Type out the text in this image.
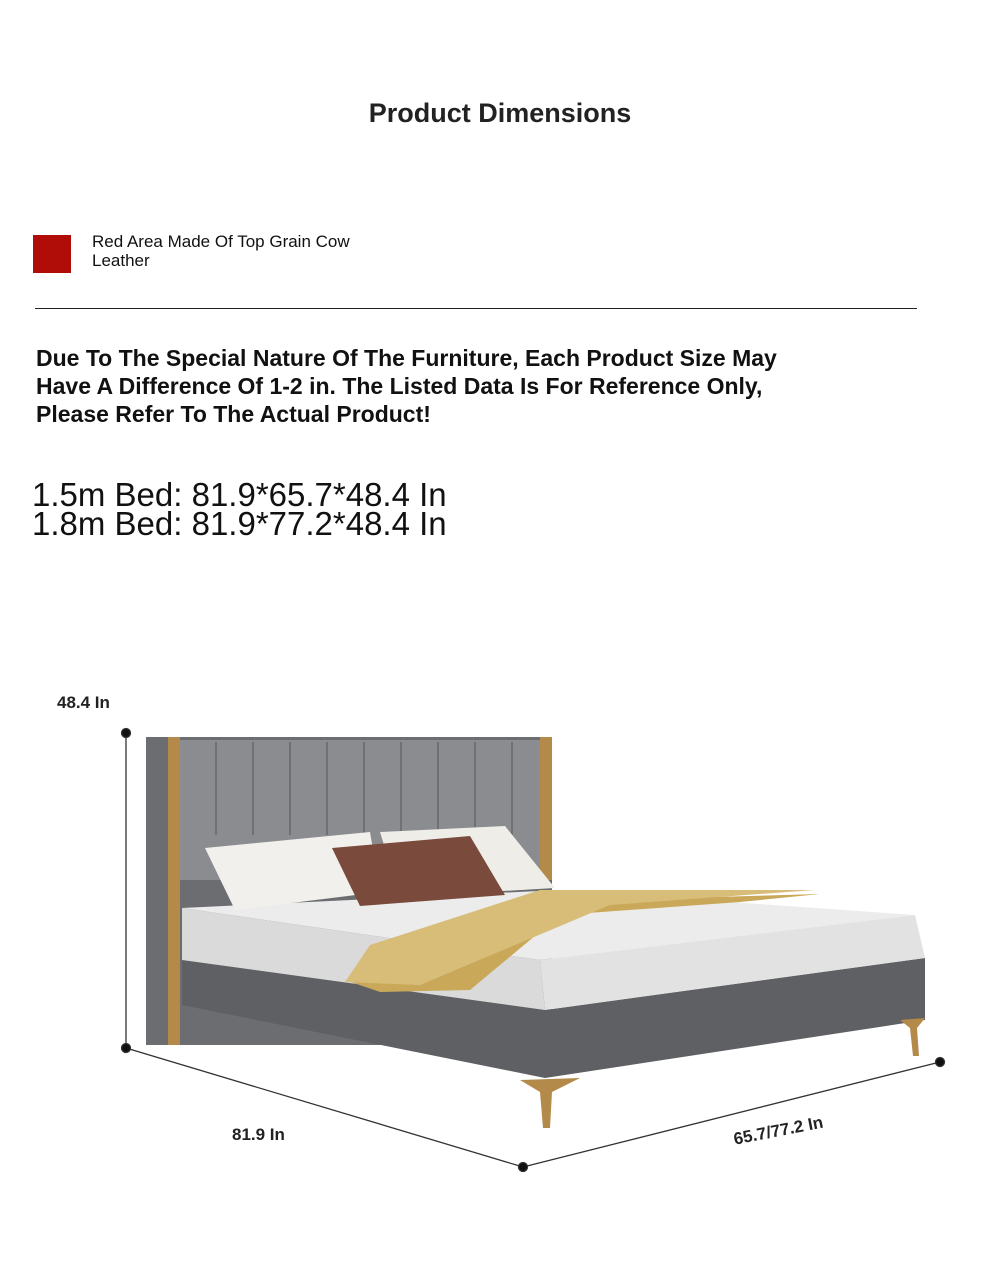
Product Dimensions
Red Area Made Of Top Grain Cow Leather
Due To The Special Nature Of The Furniture, Each Product Size May Have A Difference Of 1-2 in. The Listed Data Is For Reference Only, Please Refer To The Actual Product!
1.5m Bed: 81.9*65.7*48.4 In 1.8m Bed: 81.9*77.2*48.4 In
48.4 In
81.9 In	65.7/77.2 In
